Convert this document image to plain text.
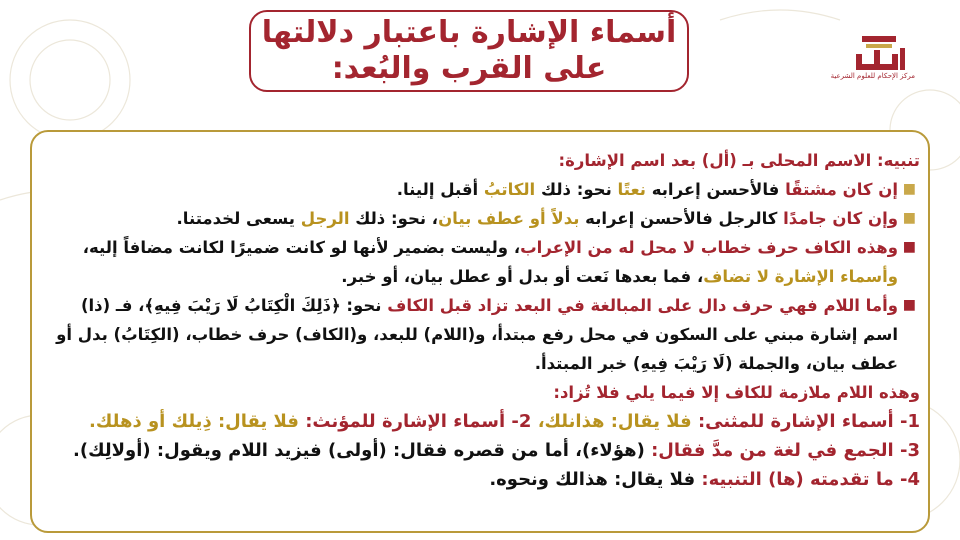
أسماء الإشارة باعتبار دلالتها
على القرب والبُعد:	مركز الإحكام للعلوم الشرعية
تنبيه: الاسم المحلى بـ (أل) بعد اسم الإشارة:
■
إن كان مشتقًا فالأحسن إعرابه نعتًا نحو: ذلك الكاتبُ أقبل إلينا.
■
وإن كان جامدًا كالرجل فالأحسن إعرابه بدلاً أو عطف بيان، نحو: ذلك الرجل يسعى لخدمتنا.
■
وهذه الكاف حرف خطاب لا محل له من الإعراب، وليست بضمير لأنها لو كانت ضميرًا لكانت مضافاً إليه، وأسماء الإشارة لا تضاف، فما بعدها نَعت أو بدل أو عطل بيان، أو خبر.
■
وأما اللام فهي حرف دال على المبالغة في البعد تزاد قبل الكاف نحو: ﴿ذَلِكَ الْكِتَابُ لَا رَيْبَ فِيهِ﴾، فـ (ذا) اسم إشارة مبني على السكون في محل رفع مبتدأ، و(اللام) للبعد، و(الكاف) حرف خطاب، (الكِتَابُ) بدل أو عطف بيان، والجملة (لَا رَيْبَ فِيهِ) خبر المبتدأ.
وهذه اللام ملازمة للكاف إلا فيما يلي فلا تُزاد:
1- أسماء الإشارة للمثنى: فلا يقال: هذانلك، 2- أسماء الإشارة للمؤنث: فلا يقال: ذِيلك أو ذهلك.
3- الجمع في لغة من مدَّ فقال: (هؤلاء)، أما من قصره فقال: (أولى) فيزيد اللام ويقول: (أولالِك).
4- ما تقدمته (ها) التنبيه: فلا يقال: هذالك ونحوه.
